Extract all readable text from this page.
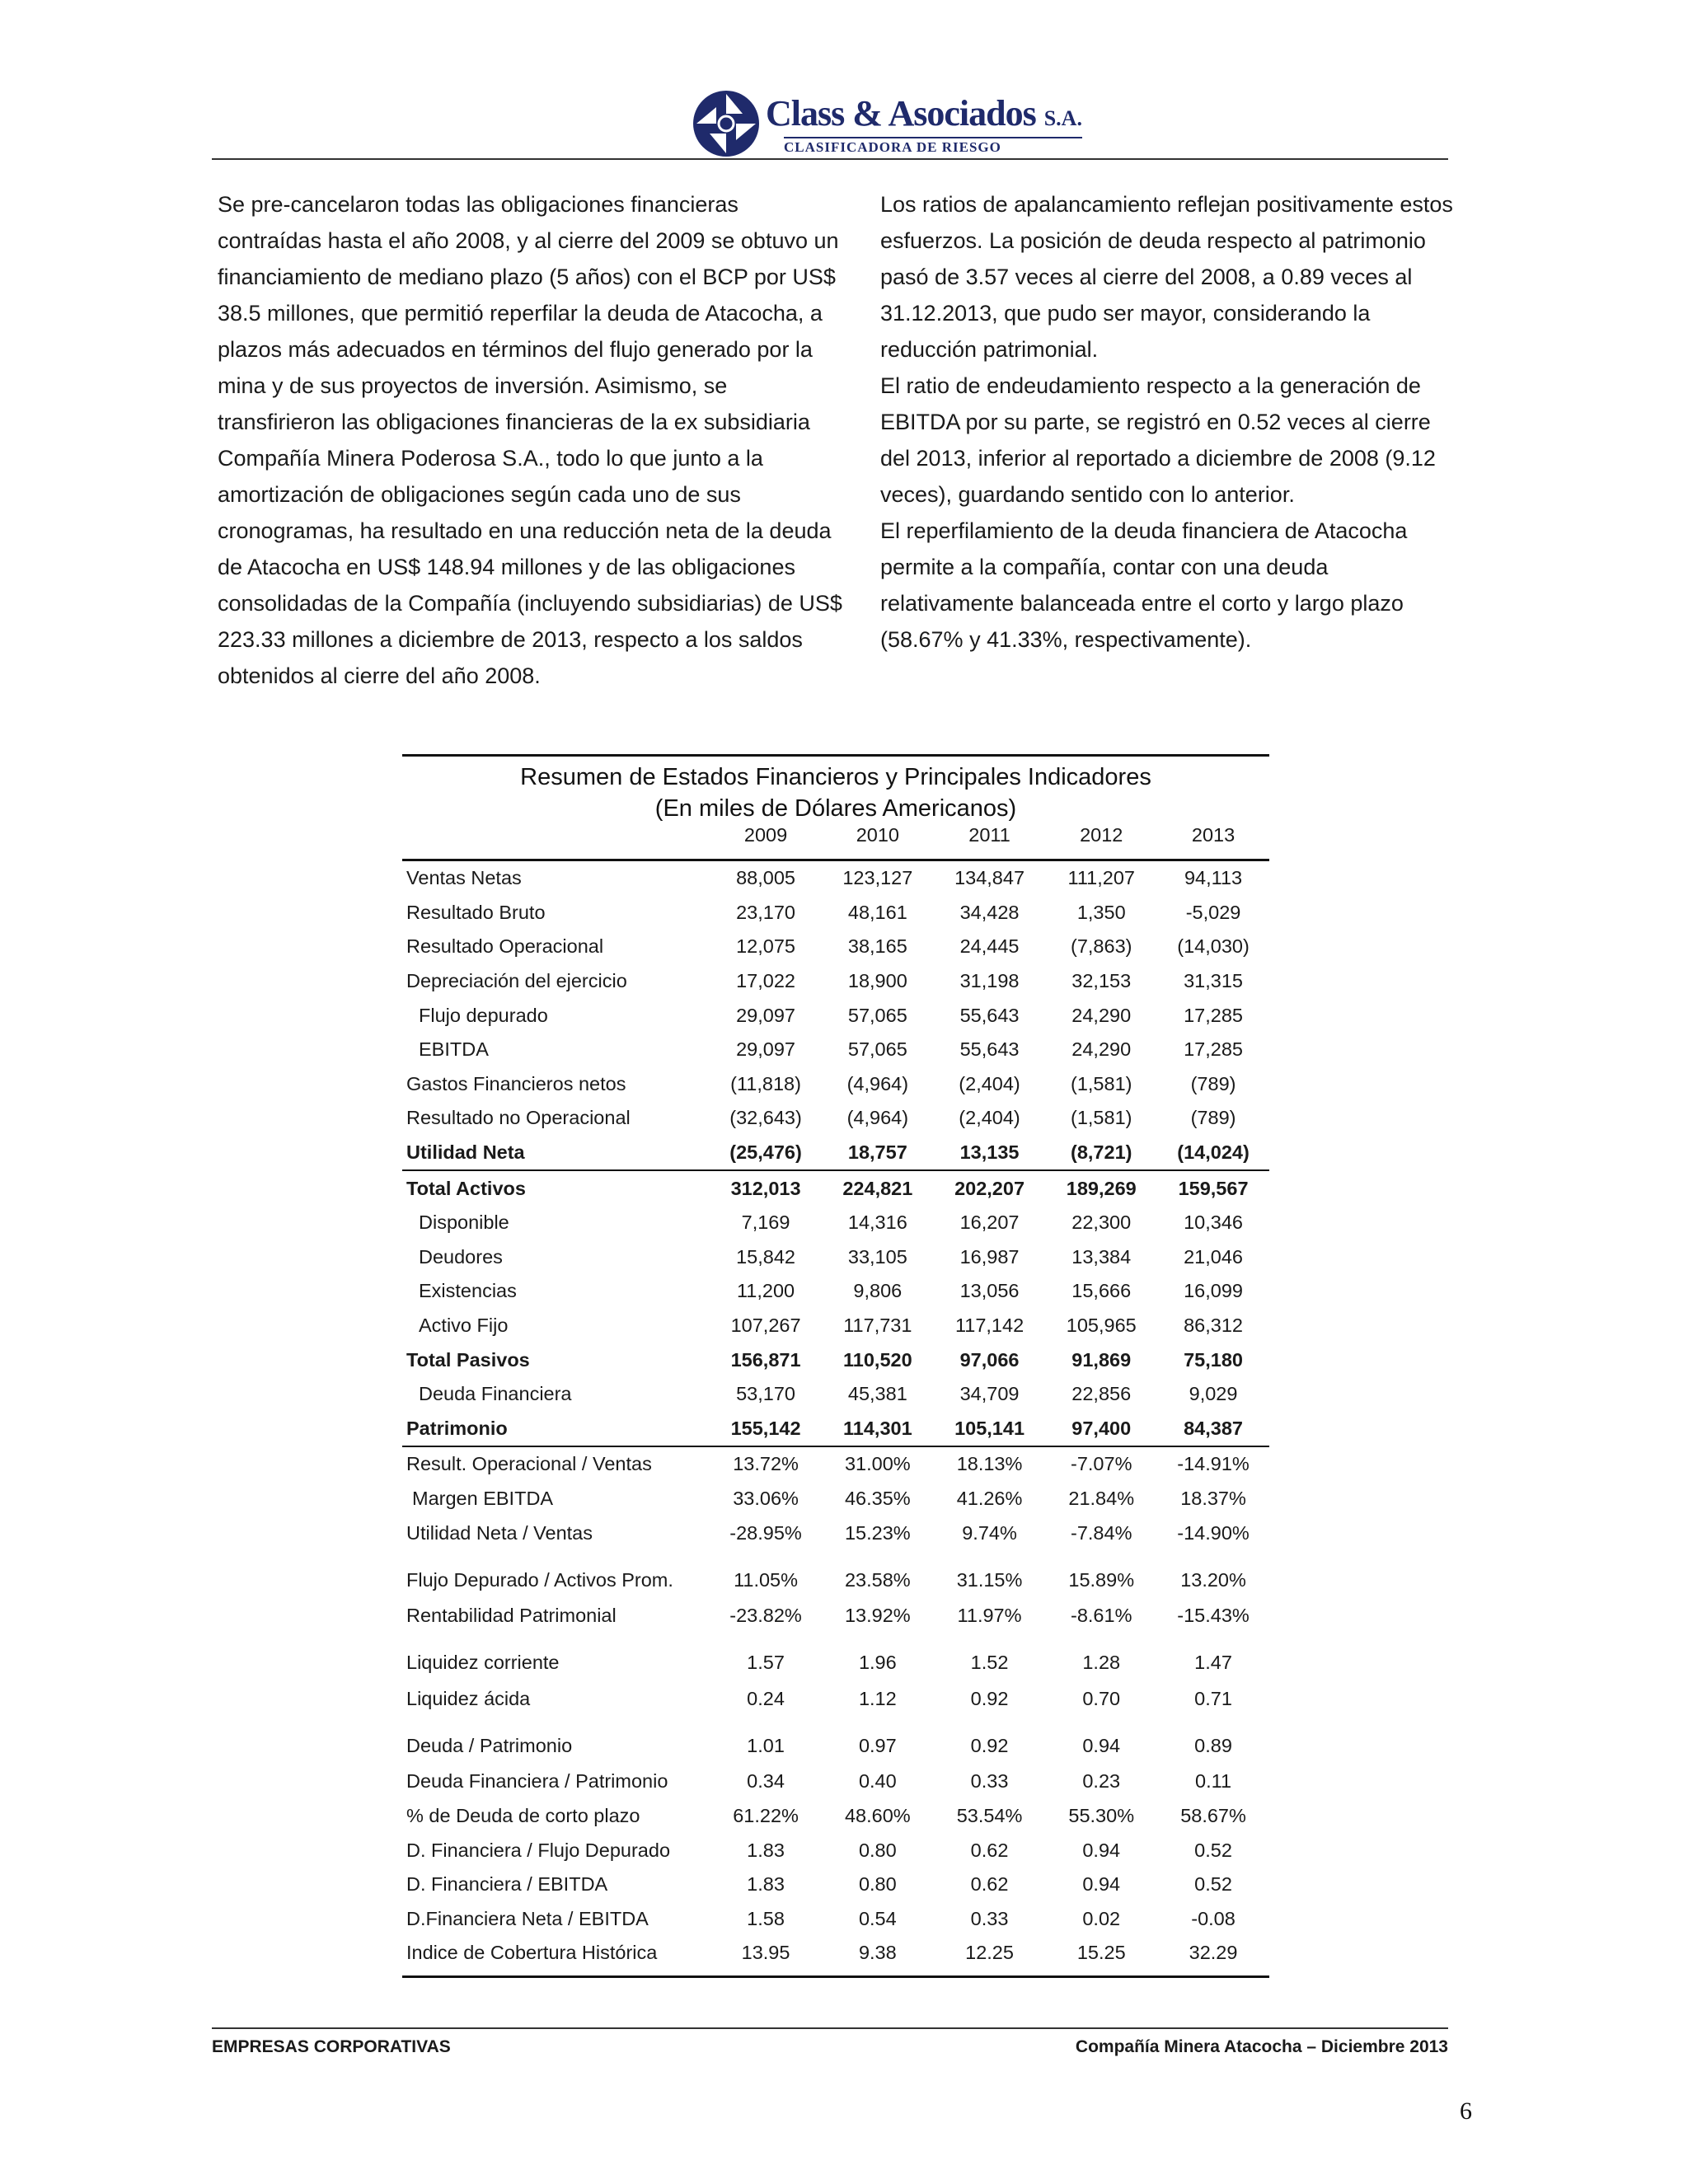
Class & Asociados S.A.
CLASIFICADORA DE RIESGO

Se pre-cancelaron todas las obligaciones financieras contraídas hasta el año 2008, y al cierre del 2009 se obtuvo un financiamiento de mediano plazo (5 años) con el BCP por US$ 38.5 millones, que permitió reperfilar la deuda de Atacocha, a plazos más adecuados en términos del flujo generado por la mina y de sus proyectos de inversión. Asimismo, se transfirieron las obligaciones financieras de la ex subsidiaria Compañía Minera Poderosa S.A., todo lo que junto a la amortización de obligaciones según cada uno de sus cronogramas, ha resultado en una reducción neta de la deuda de Atacocha en US$ 148.94 millones y de las obligaciones consolidadas de la Compañía (incluyendo subsidiarias) de US$ 223.33 millones a diciembre de 2013, respecto a los saldos obtenidos al cierre del año 2008.

Los ratios de apalancamiento reflejan positivamente estos esfuerzos. La posición de deuda respecto al patrimonio pasó de 3.57 veces al cierre del 2008, a 0.89 veces al 31.12.2013, que pudo ser mayor, considerando la reducción patrimonial.

El ratio de endeudamiento respecto a la generación de EBITDA por su parte, se registró en 0.52 veces al cierre del 2013, inferior al reportado a diciembre de 2008 (9.12 veces), guardando sentido con lo anterior.

El reperfilamiento de la deuda financiera de Atacocha permite a la compañía, contar con una deuda relativamente balanceada entre el corto y largo plazo (58.67% y 41.33%, respectivamente).

Resumen de Estados Financieros y Principales Indicadores
(En miles de Dólares Americanos)
	2009	2010	2011	2012	2013
Ventas Netas	88,005	123,127	134,847	111,207	94,113
Resultado Bruto	23,170	48,161	34,428	1,350	-5,029
Resultado Operacional	12,075	38,165	24,445	(7,863)	(14,030)
Depreciación del ejercicio	17,022	18,900	31,198	32,153	31,315
Flujo depurado	29,097	57,065	55,643	24,290	17,285
EBITDA	29,097	57,065	55,643	24,290	17,285
Gastos Financieros netos	(11,818)	(4,964)	(2,404)	(1,581)	(789)
Resultado no Operacional	(32,643)	(4,964)	(2,404)	(1,581)	(789)
Utilidad Neta	(25,476)	18,757	13,135	(8,721)	(14,024)
Total Activos	312,013	224,821	202,207	189,269	159,567
Disponible	7,169	14,316	16,207	22,300	10,346
Deudores	15,842	33,105	16,987	13,384	21,046
Existencias	11,200	9,806	13,056	15,666	16,099
Activo Fijo	107,267	117,731	117,142	105,965	86,312
Total Pasivos	156,871	110,520	97,066	91,869	75,180
Deuda Financiera	53,170	45,381	34,709	22,856	9,029
Patrimonio	155,142	114,301	105,141	97,400	84,387
Result. Operacional / Ventas	13.72%	31.00%	18.13%	-7.07%	-14.91%
Margen EBITDA	33.06%	46.35%	41.26%	21.84%	18.37%
Utilidad Neta / Ventas	-28.95%	15.23%	9.74%	-7.84%	-14.90%
Flujo Depurado / Activos Prom.	11.05%	23.58%	31.15%	15.89%	13.20%
Rentabilidad Patrimonial	-23.82%	13.92%	11.97%	-8.61%	-15.43%
Liquidez corriente	1.57	1.96	1.52	1.28	1.47
Liquidez ácida	0.24	1.12	0.92	0.70	0.71
Deuda / Patrimonio	1.01	0.97	0.92	0.94	0.89
Deuda Financiera / Patrimonio	0.34	0.40	0.33	0.23	0.11
% de Deuda de corto plazo	61.22%	48.60%	53.54%	55.30%	58.67%
D. Financiera / Flujo Depurado	1.83	0.80	0.62	0.94	0.52
D. Financiera / EBITDA	1.83	0.80	0.62	0.94	0.52
D.Financiera Neta / EBITDA	1.58	0.54	0.33	0.02	-0.08
Indice de Cobertura Histórica	13.95	9.38	12.25	15.25	32.29
EMPRESAS CORPORATIVAS	Compañía Minera Atacocha – Diciembre 2013
6
